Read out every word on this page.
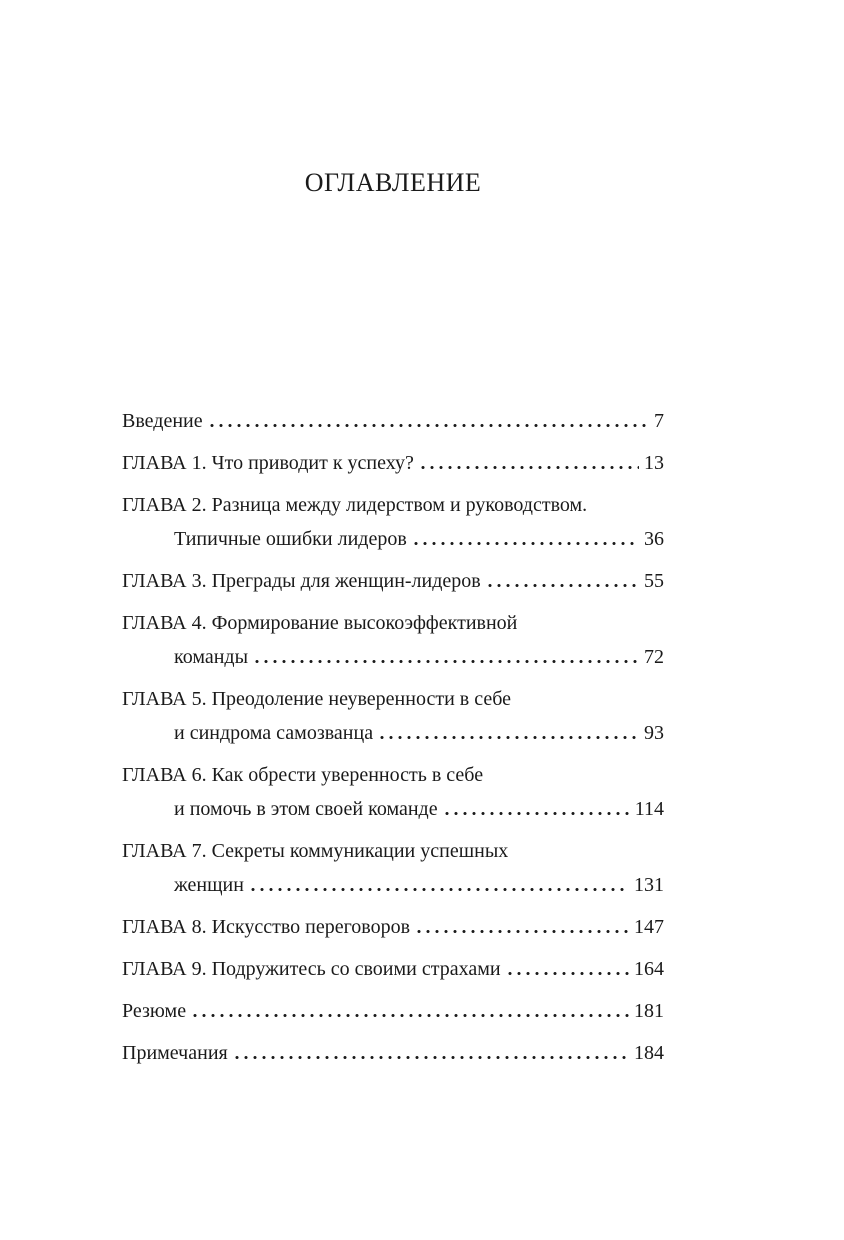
ОГЛАВЛЕНИЕ
Введение	7
ГЛАВА 1. Что приводит к успеху?	13
ГЛАВА 2. Разница между лидерством и руководством.
Типичные ошибки лидеров	36
ГЛАВА 3. Преграды для женщин-лидеров	55
ГЛАВА 4. Формирование высокоэффективной
команды	72
ГЛАВА 5. Преодоление неуверенности в себе
и синдрома самозванца	93
ГЛАВА 6. Как обрести уверенность в себе
и помочь в этом своей команде	114
ГЛАВА 7. Секреты коммуникации успешных
женщин	131
ГЛАВА 8. Искусство переговоров	147
ГЛАВА 9. Подружитесь со своими страхами	164
Резюме	181
Примечания	184
